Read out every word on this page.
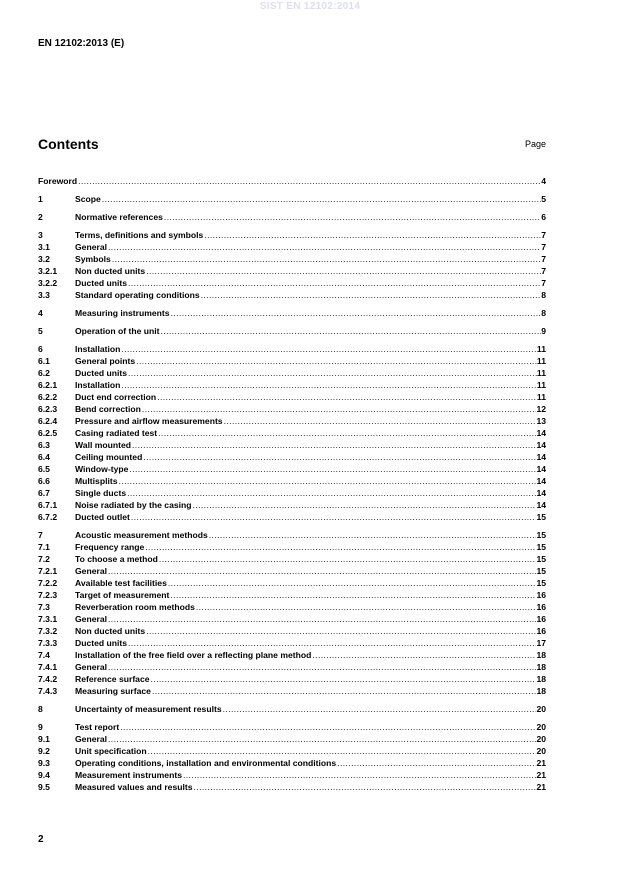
SIST EN 12102:2014
EN 12102:2013 (E)
Contents	Page
Foreword .....	4
1	Scope .....	5
2	Normative references .....	6
3	Terms, definitions and symbols .....	7
3.1	General .....	7
3.2	Symbols .....	7
3.2.1	Non ducted units .....	7
3.2.2	Ducted units .....	7
3.3	Standard operating conditions .....	8
4	Measuring instruments .....	8
5	Operation of the unit .....	9
6	Installation .....	11
6.1	General points .....	11
6.2	Ducted units .....	11
6.2.1	Installation .....	11
6.2.2	Duct end correction .....	11
6.2.3	Bend correction .....	12
6.2.4	Pressure and airflow measurements .....	13
6.2.5	Casing radiated test .....	14
6.3	Wall mounted .....	14
6.4	Ceiling mounted .....	14
6.5	Window-type .....	14
6.6	Multisplits .....	14
6.7	Single ducts .....	14
6.7.1	Noise radiated by the casing .....	14
6.7.2	Ducted outlet .....	15
7	Acoustic measurement methods .....	15
7.1	Frequency range .....	15
7.2	To choose a method .....	15
7.2.1	General .....	15
7.2.2	Available test facilities .....	15
7.2.3	Target of measurement .....	16
7.3	Reverberation room methods .....	16
7.3.1	General .....	16
7.3.2	Non ducted units .....	16
7.3.3	Ducted units .....	17
7.4	Installation of the free field over a reflecting plane method .....	18
7.4.1	General .....	18
7.4.2	Reference surface .....	18
7.4.3	Measuring surface .....	18
8	Uncertainty of measurement results .....	20
9	Test report .....	20
9.1	General .....	20
9.2	Unit specification .....	20
9.3	Operating conditions, installation and environmental conditions .....	21
9.4	Measurement instruments .....	21
9.5	Measured values and results .....	21
2
